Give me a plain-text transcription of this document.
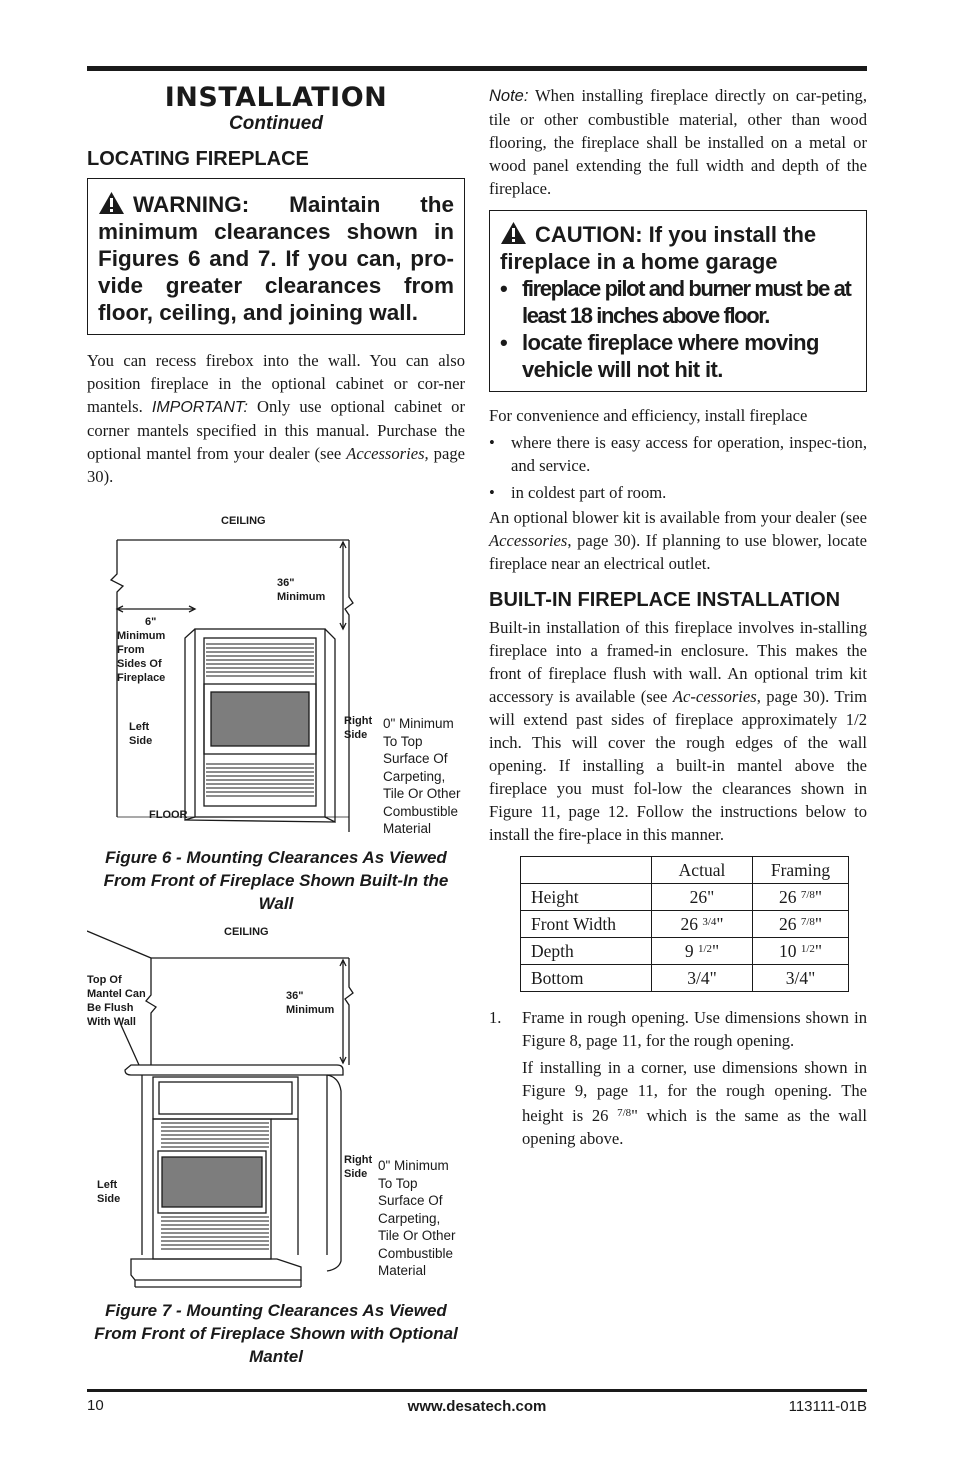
INSTALLATION
Continued
LOCATING FIREPLACE
WARNING: Maintain the minimum clearances shown in Figures 6 and 7. If you can, pro-vide greater clearances from floor, ceiling, and joining wall.

You can recess firebox into the wall. You can also position fireplace in the optional cabinet or cor-ner mantels. IMPORTANT: Only use optional cabinet or corner mantels specified in this manual. Purchase the optional mantel from your dealer (see Accessories, page 30).

CEILING
36"
Minimum
6"
Minimum
From
Sides Of
Fireplace
Left
Side
Right
Side
FLOOR
0" Minimum
To Top
Surface Of
Carpeting,
Tile Or Other
Combustible
Material
Figure 6 - Mounting Clearances As Viewed From Front of Fireplace Shown Built-In the Wall
CEILING
Top Of
Mantel Can
Be Flush
With Wall
36"
Minimum
Left
Side
Right
Side
0" Minimum
To Top
Surface Of
Carpeting,
Tile Or Other
Combustible
Material
Figure 7 - Mounting Clearances As Viewed From Front of Fireplace Shown with Optional Mantel

Note: When installing fireplace directly on car-peting, tile or other combustible material, other than wood flooring, the fireplace shall be installed on a metal or wood panel extending the full width and depth of the fireplace.

CAUTION: If you install the
fireplace in a home garage
• fireplace pilot and burner must be at least 18 inches above floor.
• locate fireplace where moving vehicle will not hit it.

For convenience and efficiency, install fireplace

• where there is easy access for operation, inspec-tion, and service.
• in coldest part of room.

An optional blower kit is available from your dealer (see Accessories, page 30). If planning to use blower, locate fireplace near an electrical outlet.

BUILT-IN FIREPLACE INSTALLATION

Built-in installation of this fireplace involves in-stalling fireplace into a framed-in enclosure. This makes the front of fireplace flush with wall. An optional trim kit accessory is available (see Ac-cessories, page 30). Trim will extend past sides of fireplace approximately 1/2 inch. This will cover the rough edges of the wall opening. If installing a built-in mantel above the fireplace you must fol-low the clearances shown in Figure 11, page 12. Follow the instructions below to install the fire-place in this manner.

	Actual	Framing
Height	26"	26 $^{7/8}$"
Front Width	26 $^{3/4}$"	26 $^{7/8}$"
Depth	9 $^{1/2}$"	10 $^{1/2}$"
Bottom	3/4"	3/4"
1.	Frame in rough opening. Use dimensions shown in Figure 8, page 11, for the rough opening.
If installing in a corner, use dimensions shown in Figure 9, page 11, for the rough opening. The height is 26 $^{7/8}$" which is the same as the wall opening above.
10	www.desatech.com	113111-01B
